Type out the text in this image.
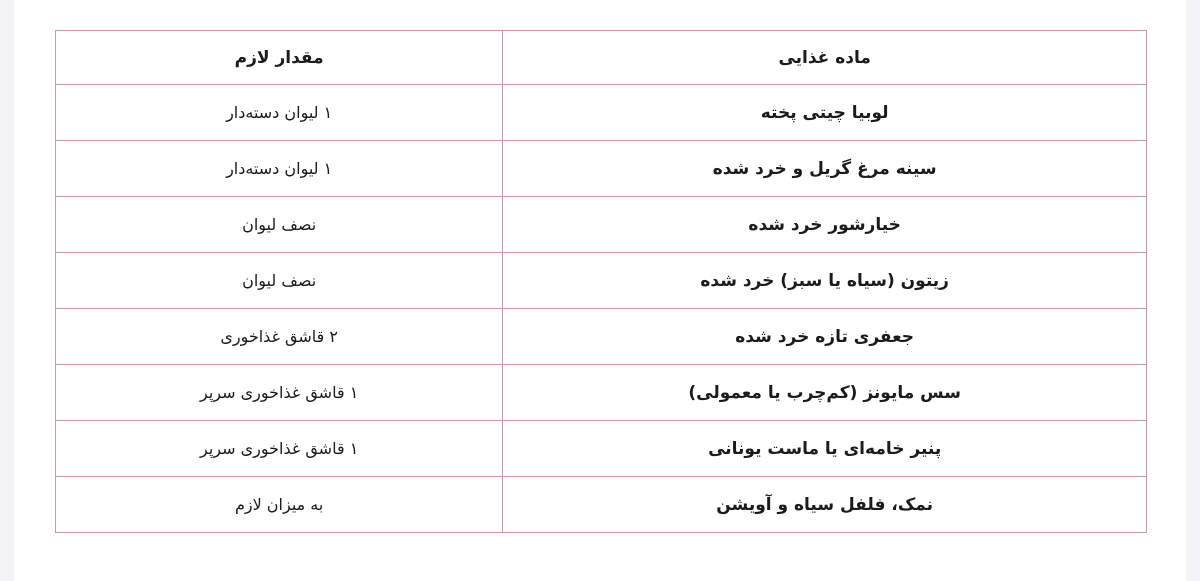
ماده غذایی	مقدار لازم
لوبیا چیتی پخته	۱ لیوان دسته‌دار
سینه مرغ گریل و خرد شده	۱ لیوان دسته‌دار
خیارشور خرد شده	نصف لیوان
زیتون (سیاه یا سبز) خرد شده	نصف لیوان
جعفری تازه خرد شده	۲ قاشق غذاخوری
سس مایونز (کم‌چرب یا معمولی)	۱ قاشق غذاخوری سرپر
پنیر خامه‌ای یا ماست یونانی	۱ قاشق غذاخوری سرپر
نمک، فلفل سیاه و آویشن	به میزان لازم
